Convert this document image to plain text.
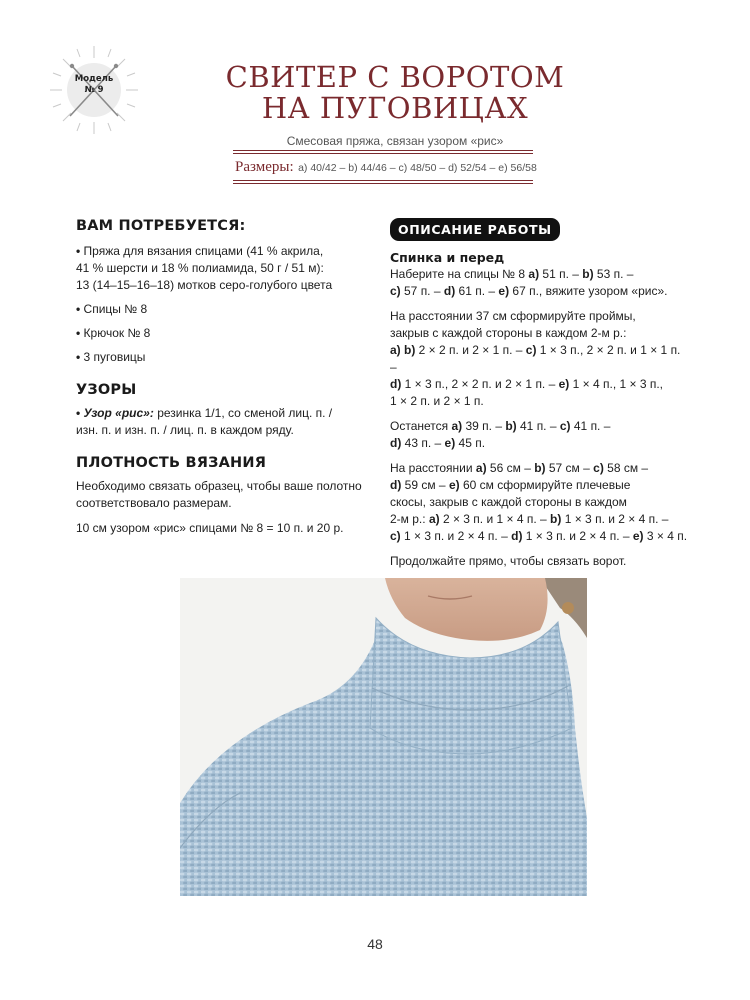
Модель
№ 9	СВИТЕР С ВОРОТОМ
НА ПУГОВИЦАХ
Смесовая пряжа, связан узором «рис»
Размеры: a) 40/42 – b) 44/46 – c) 48/50 – d) 52/54 – e) 56/58
ВАМ ПОТРЕБУЕТСЯ:
• Пряжа для вязания спицами (41 % акрила,
41 % шерсти и 18 % полиамида, 50 г / 51 м):
13 (14–15–16–18) мотков серо-голубого цвета
• Спицы № 8
• Крючок № 8
• 3 пуговицы
УЗОРЫ
• Узор «рис»: резинка 1/1, со сменой лиц. п. /
изн. п. и изн. п. / лиц. п. в каждом ряду.
ПЛОТНОСТЬ ВЯЗАНИЯ
Необходимо связать образец, чтобы ваше полотно
соответствовало размерам.
10 см узором «рис» спицами № 8 = 10 п. и 20 р.
ОПИСАНИЕ РАБОТЫ
Спинка и перед
Наберите на спицы № 8 a) 51 п. – b) 53 п. –
c) 57 п. – d) 61 п. – e) 67 п., вяжите узором «рис».
На расстоянии 37 см сформируйте проймы,
закрыв с каждой стороны в каждом 2-м р.:
a) b) 2 × 2 п. и 2 × 1 п. – c) 1 × 3 п., 2 × 2 п. и 1 × 1 п. –
d) 1 × 3 п., 2 × 2 п. и 2 × 1 п. – e) 1 × 4 п., 1 × 3 п.,
1 × 2 п. и 2 × 1 п.
Останется a) 39 п. – b) 41 п. – c) 41 п. –
d) 43 п. – e) 45 п.
На расстоянии a) 56 см – b) 57 см – c) 58 см –
d) 59 см – e) 60 см сформируйте плечевые
скосы, закрыв с каждой стороны в каждом
2-м р.: a) 2 × 3 п. и 1 × 4 п. – b) 1 × 3 п. и 2 × 4 п. –
c) 1 × 3 п. и 2 × 4 п. – d) 1 × 3 п. и 2 × 4 п. – e) 3 × 4 п.
Продолжайте прямо, чтобы связать ворот.
48
